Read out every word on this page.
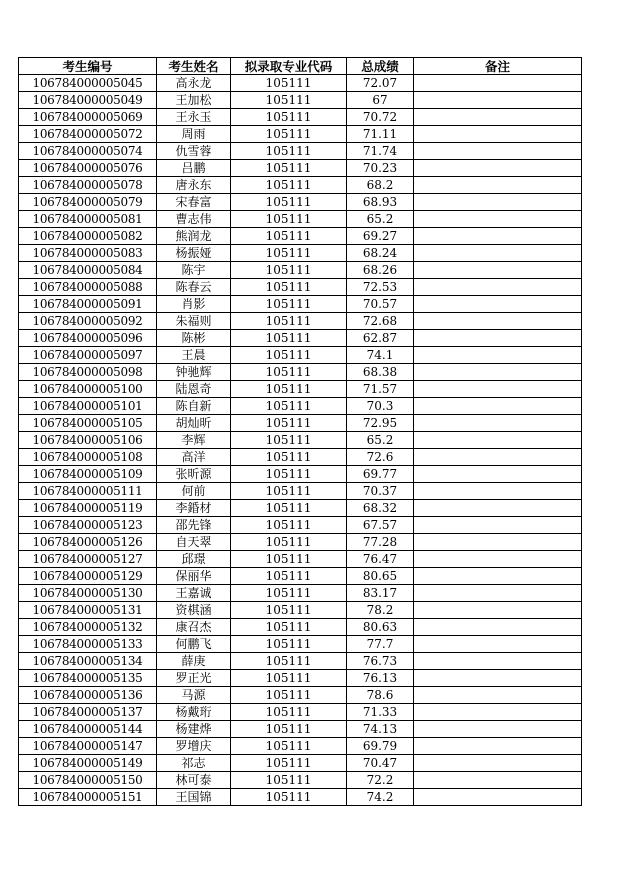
考生编号	考生姓名	拟录取专业代码	总成绩	备注
106784000005045	高永龙	105111	72.07	
106784000005049	王加松	105111	67	
106784000005069	王永玉	105111	70.72	
106784000005072	周雨	105111	71.11	
106784000005074	仇雪蓉	105111	71.74	
106784000005076	吕鹏	105111	70.23	
106784000005078	唐永东	105111	68.2	
106784000005079	宋春富	105111	68.93	
106784000005081	曹志伟	105111	65.2	
106784000005082	熊润龙	105111	69.27	
106784000005083	杨振娅	105111	68.24	
106784000005084	陈宇	105111	68.26	
106784000005088	陈春云	105111	72.53	
106784000005091	肖影	105111	70.57	
106784000005092	朱福则	105111	72.68	
106784000005096	陈彬	105111	62.87	
106784000005097	王晨	105111	74.1	
106784000005098	钟驰辉	105111	68.38	
106784000005100	陆恩奇	105111	71.57	
106784000005101	陈自新	105111	70.3	
106784000005105	胡灿昕	105111	72.95	
106784000005106	李辉	105111	65.2	
106784000005108	高洋	105111	72.6	
106784000005109	张昕源	105111	69.77	
106784000005111	何前	105111	70.37	
106784000005119	李錉材	105111	68.32	
106784000005123	邵先锋	105111	67.57	
106784000005126	自天翠	105111	77.28	
106784000005127	邱璟	105111	76.47	
106784000005129	保丽华	105111	80.65	
106784000005130	王嘉诚	105111	83.17	
106784000005131	资棋涵	105111	78.2	
106784000005132	康召杰	105111	80.63	
106784000005133	何鹏飞	105111	77.7	
106784000005134	薛庚	105111	76.73	
106784000005135	罗正光	105111	76.13	
106784000005136	马源	105111	78.6	
106784000005137	杨戴珩	105111	71.33	
106784000005144	杨建烨	105111	74.13	
106784000005147	罗增庆	105111	69.79	
106784000005149	祁志	105111	70.47	
106784000005150	林可泰	105111	72.2	
106784000005151	王国锦	105111	74.2	
